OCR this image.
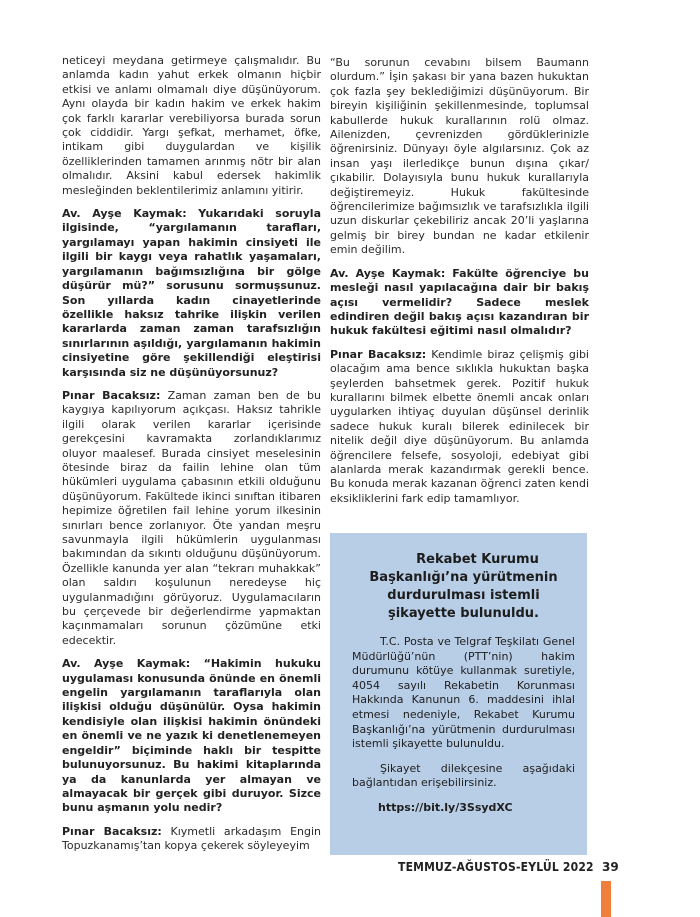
neticeyi meydana getirmeye çalışmalıdır. Bu anlamda kadın yahut erkek olmanın hiçbir etkisi ve anlamı olmamalı diye düşünüyorum. Aynı olayda bir kadın hakim ve erkek hakim çok farklı kararlar verebiliyorsa burada sorun çok ciddidir. Yargı şefkat, merhamet, öfke, intikam gibi duygulardan ve kişilik özelliklerinden tamamen arınmış nötr bir alan olmalıdır. Aksini kabul edersek hakimlik mesleğinden beklentilerimiz anlamını yitirir.

Av. Ayşe Kaymak: Yukarıdaki soruyla ilgisinde, “yargılamanın tarafları, yargılamayı yapan hakimin cinsiyeti ile ilgili bir kaygı veya rahatlık yaşamaları, yargılamanın bağımsızlığına bir gölge düşürür mü?” sorusunu sormuşsunuz. Son yıllarda kadın cinayetlerinde özellikle haksız tahrike ilişkin verilen kararlarda zaman zaman tarafsızlığın sınırlarının aşıldığı, yargılamanın hakimin cinsiyetine göre şekillendiği eleştirisi karşısında siz ne düşünüyorsunuz?

Pınar Bacaksız: Zaman zaman ben de bu kaygıya kapılıyorum açıkçası. Haksız tahrikle ilgili olarak verilen kararlar içerisinde gerekçesini kavramakta zorlandıklarımız oluyor maalesef. Burada cinsiyet meselesinin ötesinde biraz da failin lehine olan tüm hükümleri uygulama çabasının etkili olduğunu düşünüyorum. Fakültede ikinci sınıftan itibaren hepimize öğretilen fail lehine yorum ilkesinin sınırları bence zorlanıyor. Öte yandan meşru savunmayla ilgili hükümlerin uygulanması bakımından da sıkıntı olduğunu düşünüyorum. Özellikle kanunda yer alan “tekrarı muhakkak” olan saldırı koşulunun neredeyse hiç uygulanmadığını görüyoruz. Uygulamacıların bu çerçevede bir değerlendirme yapmaktan kaçınmamaları sorunun çözümüne etki edecektir.

Av. Ayşe Kaymak: “Hakimin hukuku uygulaması konusunda önünde en önemli engelin yargılamanın taraflarıyla olan ilişkisi olduğu düşünülür. Oysa hakimin kendisiyle olan ilişkisi hakimin önündeki en önemli ve ne yazık ki denetlenemeyen engeldir” biçiminde haklı bir tespitte bulunuyorsunuz. Bu hakimi kitaplarında ya da kanunlarda yer almayan ve almayacak bir gerçek gibi duruyor. Sizce bunu aşmanın yolu nedir?

Pınar Bacaksız: Kıymetli arkadaşım Engin Topuzkanamış’tan kopya çekerek söyleyeyim

“Bu sorunun cevabını bilsem Baumann olurdum.” İşin şakası bir yana bazen hukuktan çok fazla şey beklediğimizi düşünüyorum. Bir bireyin kişiliğinin şekillenmesinde, toplumsal kabullerde hukuk kurallarının rolü olmaz. Ailenizden, çevrenizden gördüklerinizle öğrenirsiniz. Dünyayı öyle algılarsınız. Çok az insan yaşı ilerledikçe bunun dışına çıkar/ çıkabilir. Dolayısıyla bunu hukuk kurallarıyla değiştiremeyiz. Hukuk fakültesinde öğrencilerimize bağımsızlık ve tarafsızlıkla ilgili uzun diskurlar çekebiliriz ancak 20’li yaşlarına gelmiş bir birey bundan ne kadar etkilenir emin değilim.

Av. Ayşe Kaymak: Fakülte öğrenciye bu mesleği nasıl yapılacağına dair bir bakış açısı vermelidir? Sadece meslek edindiren değil bakış açısı kazandıran bir hukuk fakültesi eğitimi nasıl olmalıdır?

Pınar Bacaksız: Kendimle biraz çelişmiş gibi olacağım ama bence sıklıkla hukuktan başka şeylerden bahsetmek gerek. Pozitif hukuk kurallarını bilmek elbette önemli ancak onları uygularken ihtiyaç duyulan düşünsel derinlik sadece hukuk kuralı bilerek edinilecek bir nitelik değil diye düşünüyorum. Bu anlamda öğrencilere felsefe, sosyoloji, edebiyat gibi alanlarda merak kazandırmak gerekli bence. Bu konuda merak kazanan öğrenci zaten kendi eksikliklerini fark edip tamamlıyor.

Rekabet Kurumu Başkanlığı’na yürütmenin durdurulması istemli şikayette bulunuldu.

T.C. Posta ve Telgraf Teşkilatı Genel Müdürlüğü’nün (PTT’nin) hakim durumunu kötüye kullanmak suretiyle, 4054 sayılı Rekabetin Korunması Hakkında Kanunun 6. maddesini ihlal etmesi nedeniyle, Rekabet Kurumu Başkanlığı’na yürütmenin durdurulması istemli şikayette bulunuldu.

Şikayet dilekçesine aşağıdaki bağlantıdan erişebilirsiniz.

https://bit.ly/3SsydXC

TEMMUZ-AĞUSTOS-EYLÜL 2022 39
